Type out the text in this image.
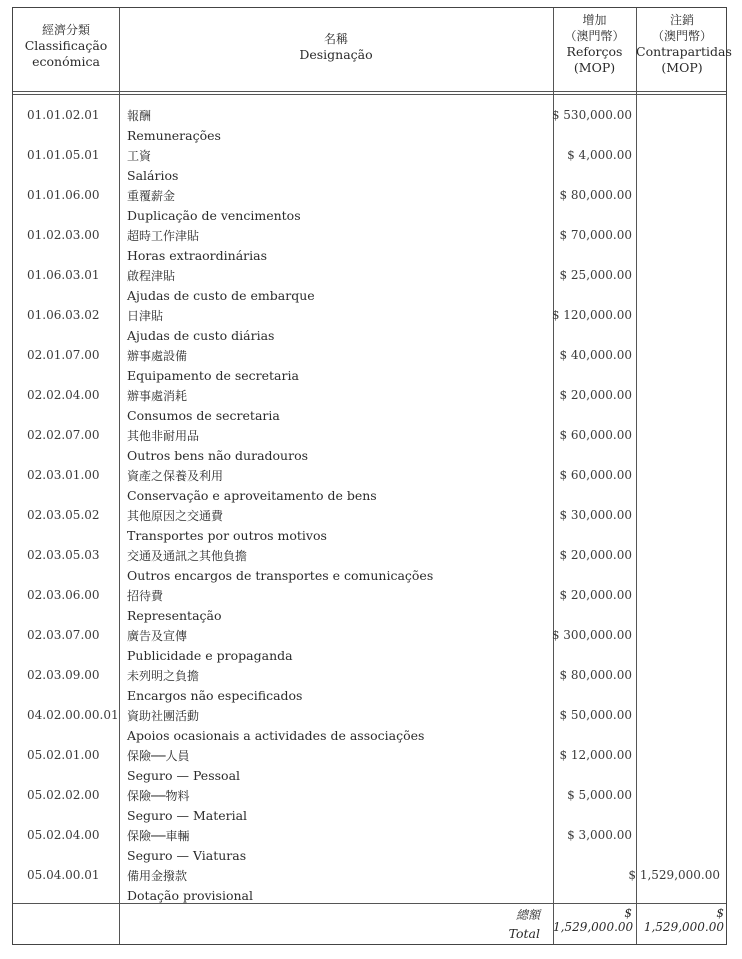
經濟分類
Classificação
económica
名稱
Designação
增加
（澳門幣）
Reforços
(MOP)
注銷
（澳門幣）
Contrapartidas
(MOP)
01.01.02.01 報酬
Remunerações
$ 530,000.00
01.01.05.01 工資
Salários
$ 4,000.00
01.01.06.00 重覆薪金
Duplicação de vencimentos
$ 80,000.00
01.02.03.00 超時工作津貼
Horas extraordinárias
$ 70,000.00
01.06.03.01 啟程津貼
Ajudas de custo de embarque
$ 25,000.00
01.06.03.02 日津貼
Ajudas de custo diárias
$ 120,000.00
02.01.07.00 辦事處設備
Equipamento de secretaria
$ 40,000.00
02.02.04.00 辦事處消耗
Consumos de secretaria
$ 20,000.00
02.02.07.00 其他非耐用品
Outros bens não duradouros
$ 60,000.00
02.03.01.00 資產之保養及利用
Conservação e aproveitamento de bens
$ 60,000.00
02.03.05.02 其他原因之交通費
Transportes por outros motivos
$ 30,000.00
02.03.05.03 交通及通訊之其他負擔
Outros encargos de transportes e comunicações
$ 20,000.00
02.03.06.00 招待費
Representação
$ 20,000.00
02.03.07.00 廣告及宣傳
Publicidade e propaganda
$ 300,000.00
02.03.09.00 未列明之負擔
Encargos não especificados
$ 80,000.00
04.02.00.00.01 資助社團活動
Apoios ocasionais a actividades de associações
$ 50,000.00
05.02.01.00 保險──人員
Seguro — Pessoal
$ 12,000.00
05.02.02.00 保險──物料
Seguro — Material
$ 5,000.00
05.02.04.00 保險──車輛
Seguro — Viaturas
$ 3,000.00
05.04.00.01 備用金撥款
Dotação provisional
$ 1,529,000.00
總額
Total
$ 1,529,000.00
$ 1,529,000.00
